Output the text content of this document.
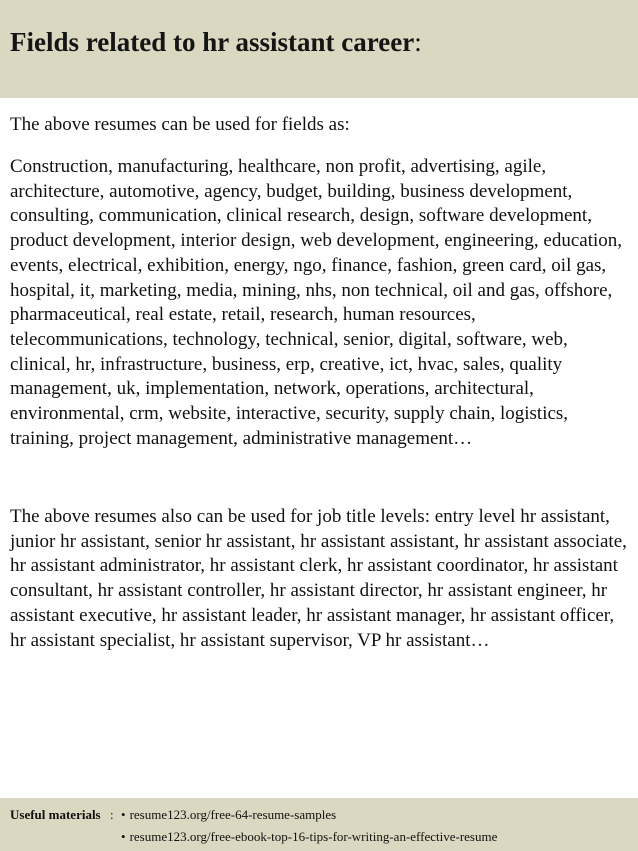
Fields related to hr assistant career:

The above resumes can be used for fields as:

Construction, manufacturing, healthcare, non profit, advertising, agile, architecture, automotive, agency, budget, building, business development, consulting, communication, clinical research, design, software development, product development, interior design, web development, engineering, education, events, electrical, exhibition, energy, ngo, finance, fashion, green card, oil gas, hospital, it, marketing, media, mining, nhs, non technical, oil and gas, offshore, pharmaceutical, real estate, retail, research, human resources, telecommunications, technology, technical, senior, digital, software, web, clinical, hr, infrastructure, business, erp, creative, ict, hvac, sales, quality management, uk, implementation, network, operations, architectural, environmental, crm, website, interactive, security, supply chain, logistics, training, project management, administrative management…

The above resumes also can be used for job title levels: entry level hr assistant, junior hr assistant, senior hr assistant, hr assistant assistant, hr assistant associate, hr assistant administrator, hr assistant clerk, hr assistant coordinator, hr assistant consultant, hr assistant controller, hr assistant director, hr assistant engineer, hr assistant executive, hr assistant leader, hr assistant manager, hr assistant officer, hr assistant specialist, hr assistant supervisor, VP hr assistant…

Useful materials : • resume123.org/free-64-resume-samples
• resume123.org/free-ebook-top-16-tips-for-writing-an-effective-resume
